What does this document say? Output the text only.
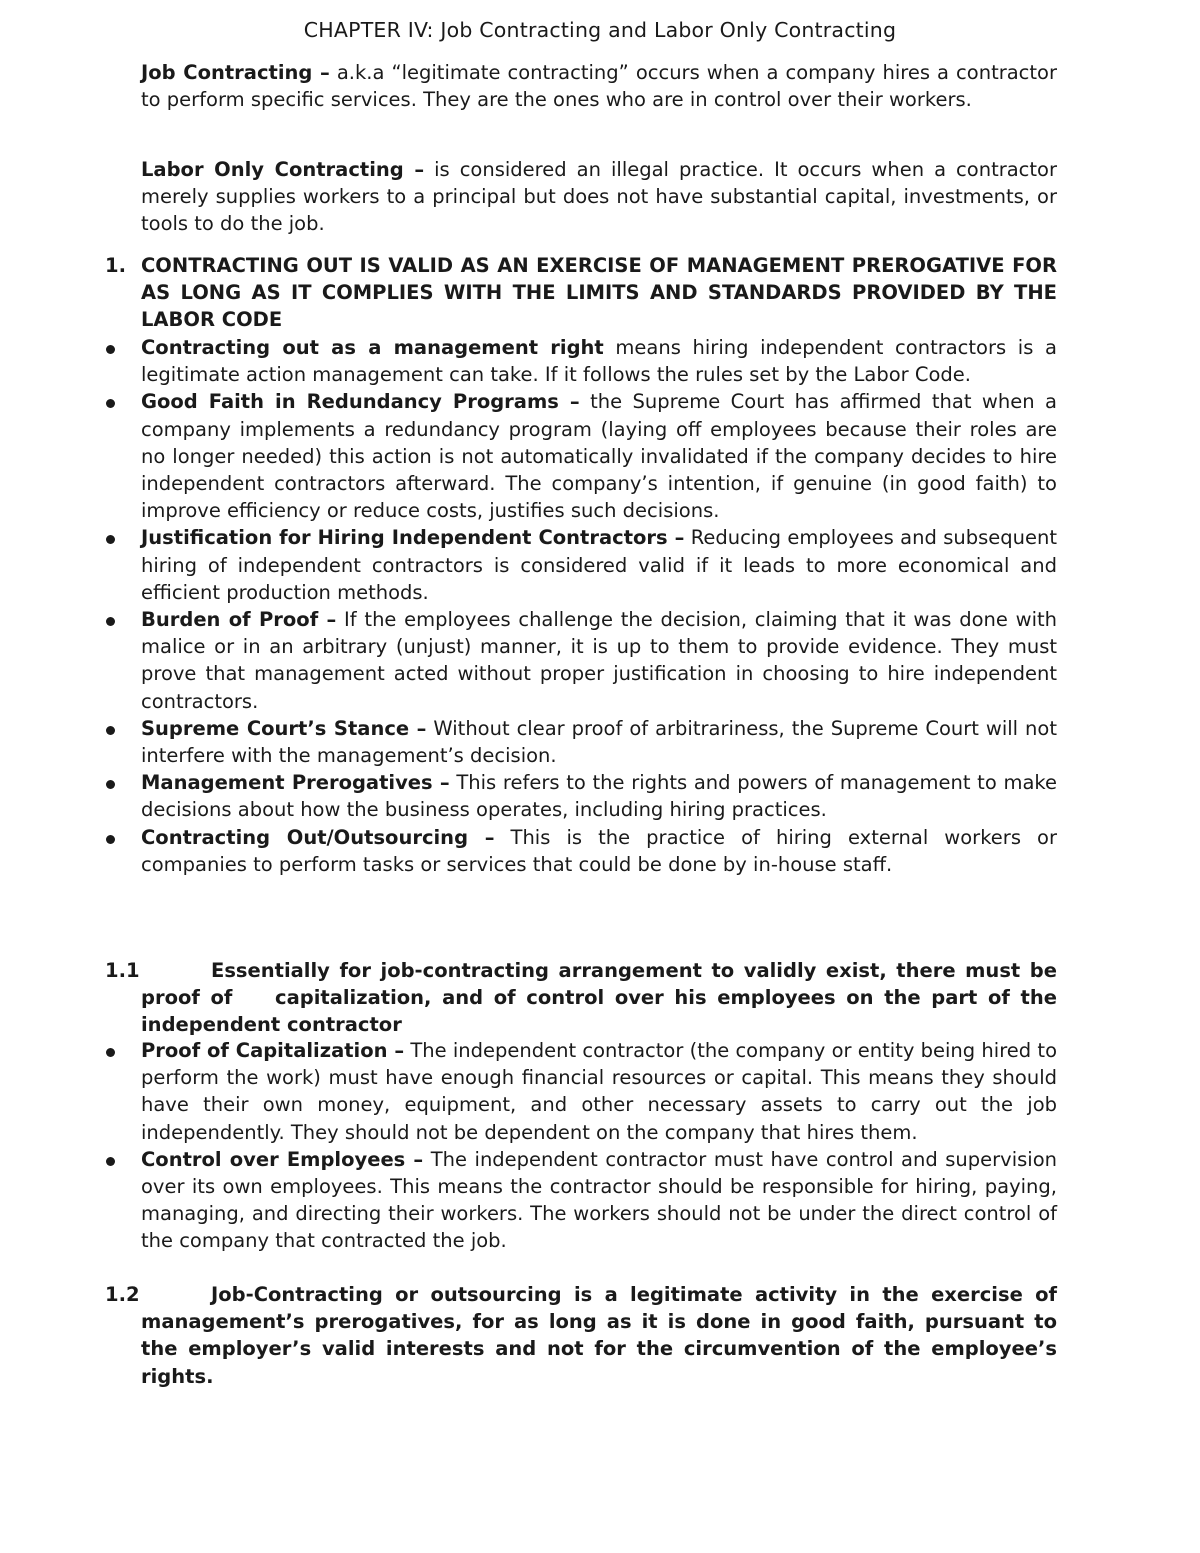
CHAPTER IV: Job Contracting and Labor Only Contracting
Job Contracting – a.k.a “legitimate contracting” occurs when a company hires a contractor to perform specific services. They are the ones who are in control over their workers.
Labor Only Contracting – is considered an illegal practice. It occurs when a contractor merely supplies workers to a principal but does not have substantial capital, investments, or tools to do the job.
1. CONTRACTING OUT IS VALID AS AN EXERCISE OF MANAGEMENT PREROGATIVE FOR AS LONG AS IT COMPLIES WITH THE LIMITS AND STANDARDS PROVIDED BY THE LABOR CODE
Contracting out as a management right means hiring independent contractors is a legitimate action management can take. If it follows the rules set by the Labor Code.
Good Faith in Redundancy Programs – the Supreme Court has affirmed that when a company implements a redundancy program (laying off employees because their roles are no longer needed) this action is not automatically invalidated if the company decides to hire independent contractors afterward. The company’s intention, if genuine (in good faith) to improve efficiency or reduce costs, justifies such decisions.
Justification for Hiring Independent Contractors – Reducing employees and subsequent hiring of independent contractors is considered valid if it leads to more economical and efficient production methods.
Burden of Proof – If the employees challenge the decision, claiming that it was done with malice or in an arbitrary (unjust) manner, it is up to them to provide evidence. They must prove that management acted without proper justification in choosing to hire independent contractors.
Supreme Court’s Stance – Without clear proof of arbitrariness, the Supreme Court will not interfere with the management’s decision.
Management Prerogatives – This refers to the rights and powers of management to make decisions about how the business operates, including hiring practices.
Contracting Out/Outsourcing – This is the practice of hiring external workers or companies to perform tasks or services that could be done by in-house staff.
1.1	Essentially for job-contracting arrangement to validly exist, there must be proof of    capitalization, and of control over his employees on the part of the independent contractor
Proof of Capitalization – The independent contractor (the company or entity being hired to perform the work) must have enough financial resources or capital. This means they should have their own money, equipment, and other necessary assets to carry out the job independently. They should not be dependent on the company that hires them.
Control over Employees – The independent contractor must have control and supervision over its own employees. This means the contractor should be responsible for hiring, paying, managing, and directing their workers. The workers should not be under the direct control of the company that contracted the job.
1.2	Job-Contracting or outsourcing is a legitimate activity in the exercise of management’s prerogatives, for as long as it is done in good faith, pursuant to the employer’s valid interests and not for the circumvention of the employee’s rights.
